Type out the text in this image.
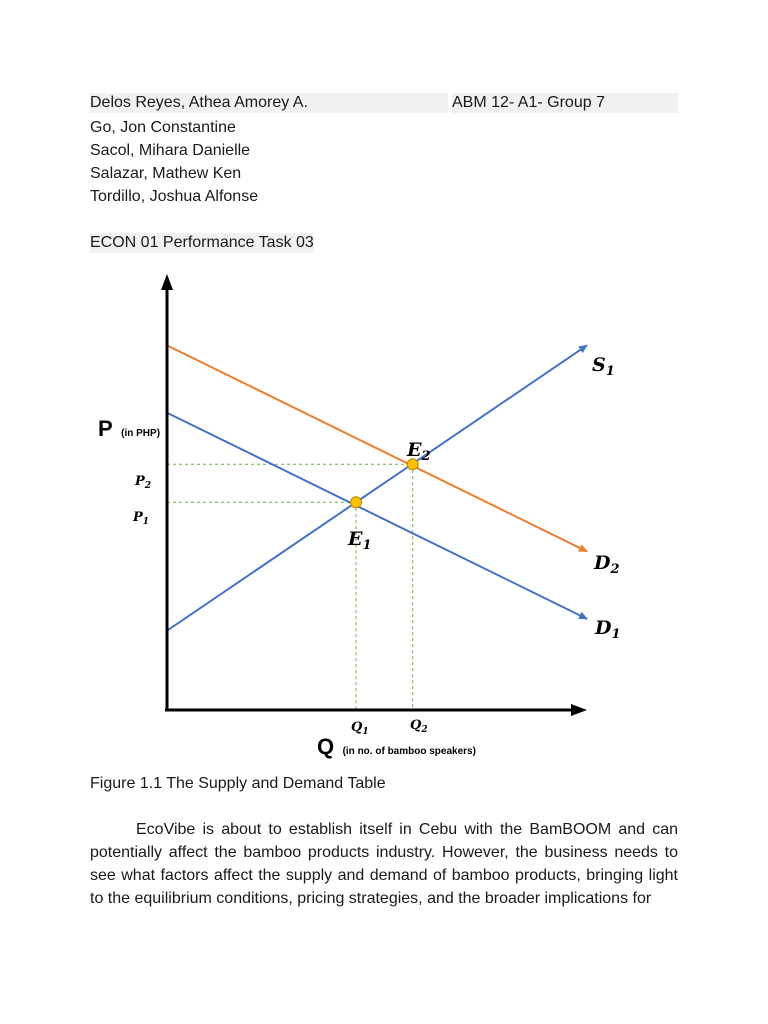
Delos Reyes, Athea Amorey A.	ABM 12- A1- Group 7
Go, Jon Constantine
Sacol, Mihara Danielle
Salazar, Mathew Ken
Tordillo, Joshua Alfonse
ECON 01 Performance Task 03
P (in PHP)
Q (in no. of bamboo speakers)
$P_2$
$P_1$
$Q_1$	$Q_2$
$S_1$
$D_2$
$D_1$
$E_1$
$E_2$
Figure 1.1 The Supply and Demand Table

EcoVibe is about to establish itself in Cebu with the BamBOOM and can potentially affect the bamboo products industry. However, the business needs to see what factors affect the supply and demand of bamboo products, bringing light to the equilibrium conditions, pricing strategies, and the broader implications for
